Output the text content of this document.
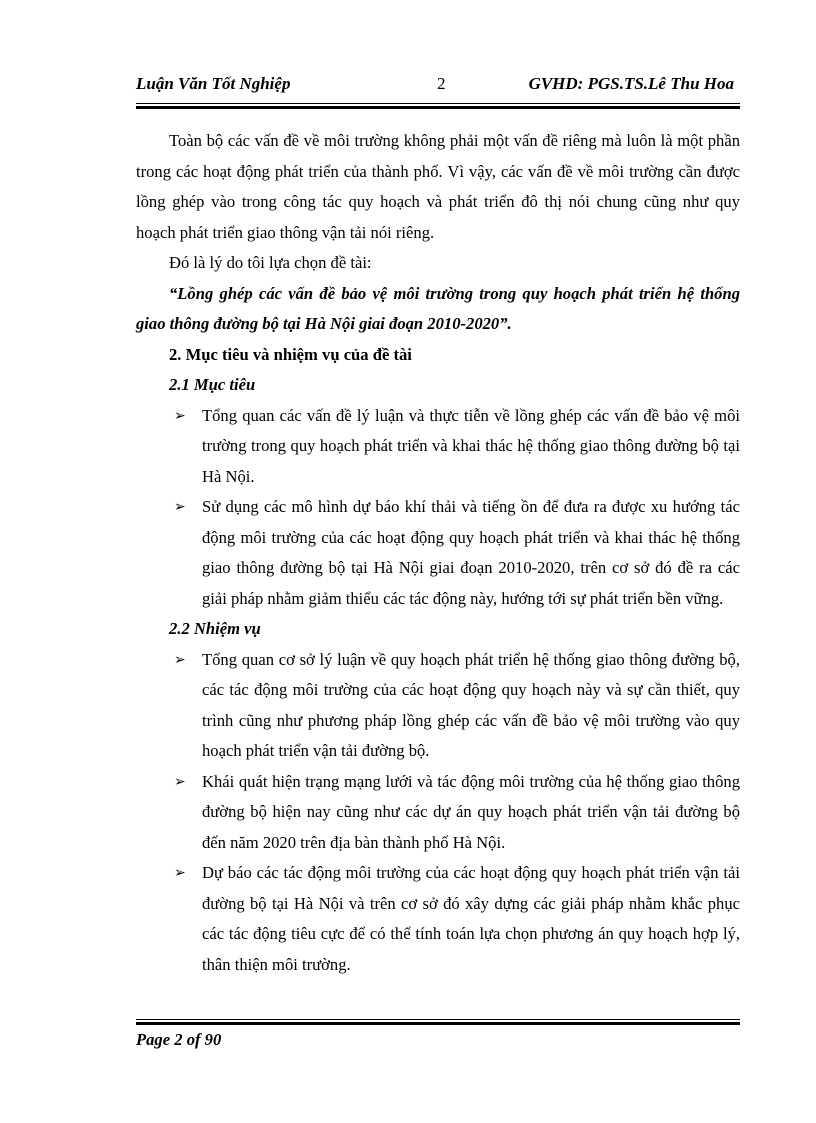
Luận Văn Tốt Nghiệp	2	GVHD: PGS.TS.Lê Thu Hoa

Toàn bộ các vấn đề về môi trường không phải một vấn đề riêng mà luôn là một phần trong các hoạt động phát triển của thành phố. Vì vậy, các vấn đề về môi trường cần được lồng ghép vào trong công tác quy hoạch và phát triển đô thị nói chung cũng như quy hoạch phát triển giao thông vận tải nói riêng.

Đó là lý do tôi lựa chọn đề tài:

“Lồng ghép các vấn đề bảo vệ môi trường trong quy hoạch phát triển hệ thống giao thông đường bộ tại Hà Nội giai đoạn 2010-2020”.

2. Mục tiêu và nhiệm vụ của đề tài

2.1 Mục tiêu

➢ Tổng quan các vấn đề lý luận và thực tiễn về lồng ghép các vấn đề bảo vệ môi trường trong quy hoạch phát triển và khai thác hệ thống giao thông đường bộ tại Hà Nội.
➢ Sử dụng các mô hình dự báo khí thải và tiếng ồn để đưa ra được xu hướng tác động môi trường của các hoạt động quy hoạch phát triển và khai thác hệ thống giao thông đường bộ tại Hà Nội giai đoạn 2010-2020, trên cơ sở đó đề ra các giải pháp nhằm giảm thiểu các tác động này, hướng tới sự phát triển bền vững.

2.2 Nhiệm vụ

➢ Tổng quan cơ sở lý luận về quy hoạch phát triển hệ thống giao thông đường bộ, các tác động môi trường của các hoạt động quy hoạch này và sự cần thiết, quy trình cũng như phương pháp lồng ghép các vấn đề bảo vệ môi trường vào quy hoạch phát triển vận tải đường bộ.
➢ Khái quát hiện trạng mạng lưới và tác động môi trường của hệ thống giao thông đường bộ hiện nay cũng như các dự án quy hoạch phát triển vận tải đường bộ đến năm 2020 trên địa bàn thành phố Hà Nội.
➢ Dự báo các tác động môi trường của các hoạt động quy hoạch phát triển vận tải đường bộ tại Hà Nội và trên cơ sở đó xây dựng các giải pháp nhằm khắc phục các tác động tiêu cực để có thể tính toán lựa chọn phương án quy hoạch hợp lý, thân thiện môi trường.
Page 2 of 90
